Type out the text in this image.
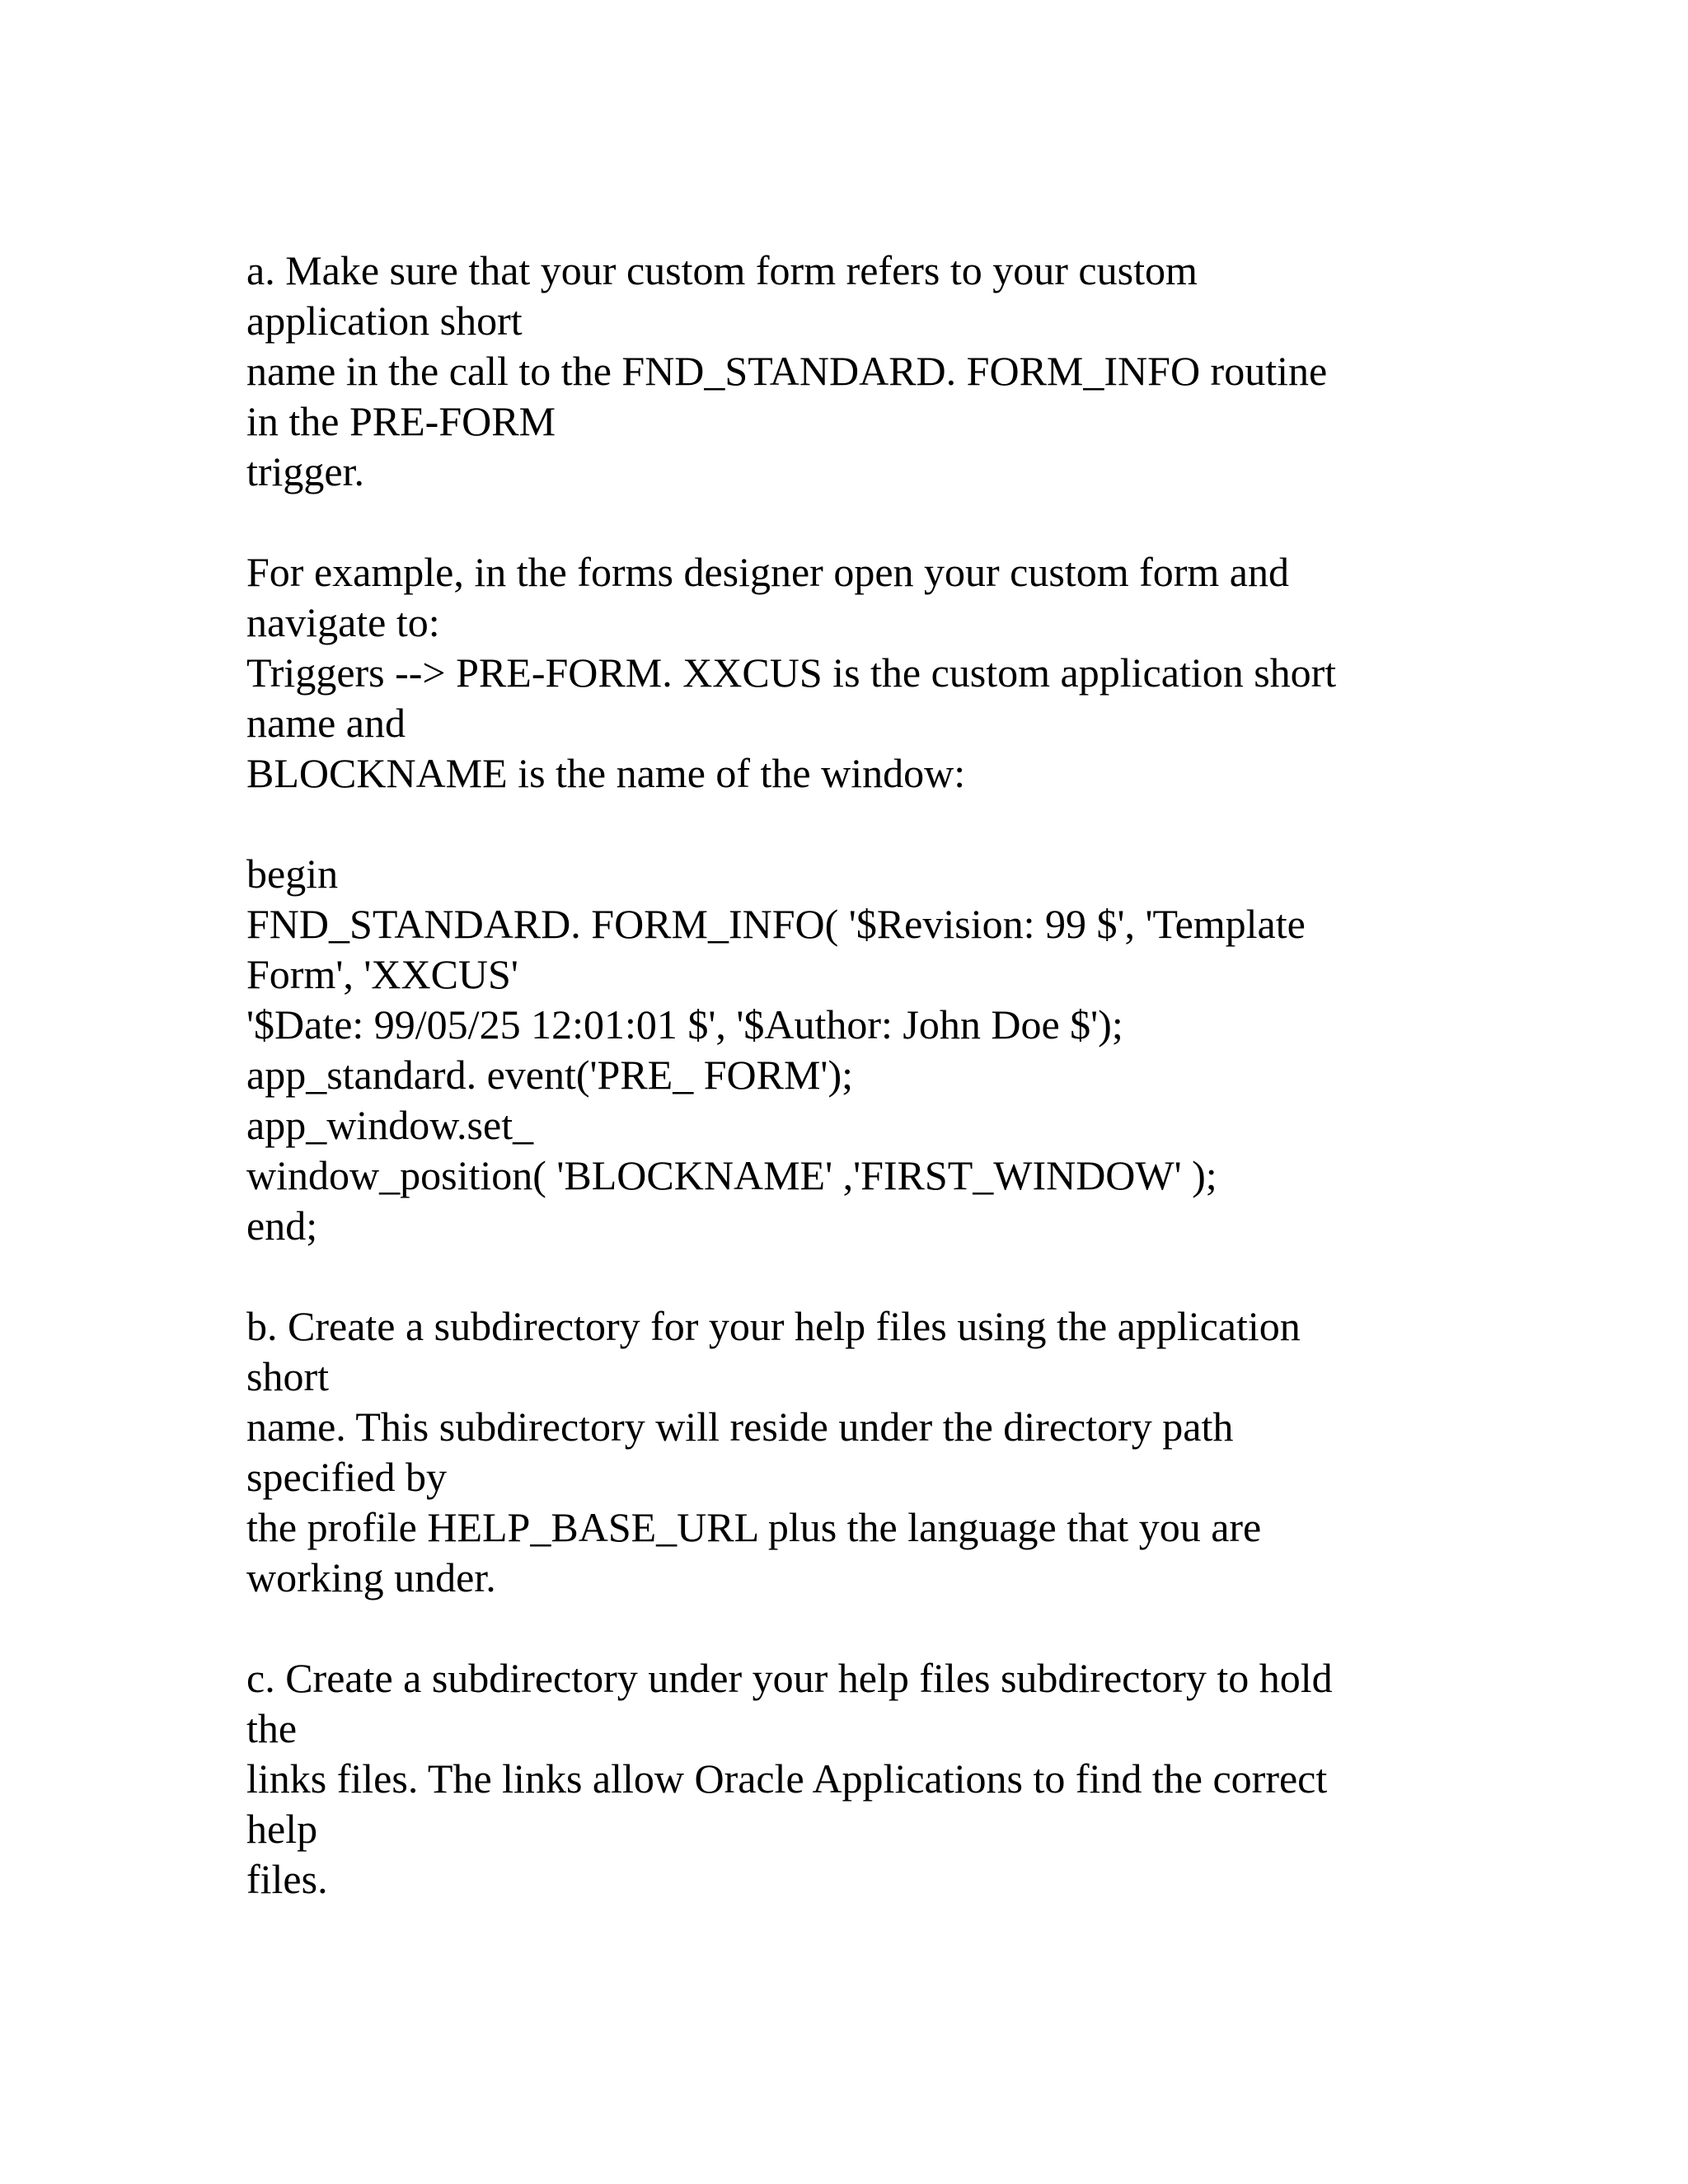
a. Make sure that your custom form refers to your custom
application short
name in the call to the FND_STANDARD. FORM_INFO routine
in the PRE-FORM
trigger.
For example, in the forms designer open your custom form and
navigate to:
Triggers --> PRE-FORM. XXCUS is the custom application short
name and
BLOCKNAME is the name of the window:
begin
FND_STANDARD. FORM_INFO( '$Revision: 99 $', 'Template
Form', 'XXCUS'
'$Date: 99/05/25 12:01:01 $', '$Author: John Doe $');
app_standard. event('PRE_ FORM');
app_window.set_
window_position( 'BLOCKNAME' ,'FIRST_WINDOW' );
end;
b. Create a subdirectory for your help files using the application
short
name. This subdirectory will reside under the directory path
specified by
the profile HELP_BASE_URL plus the language that you are
working under.
c. Create a subdirectory under your help files subdirectory to hold
the
links files. The links allow Oracle Applications to find the correct
help
files.
